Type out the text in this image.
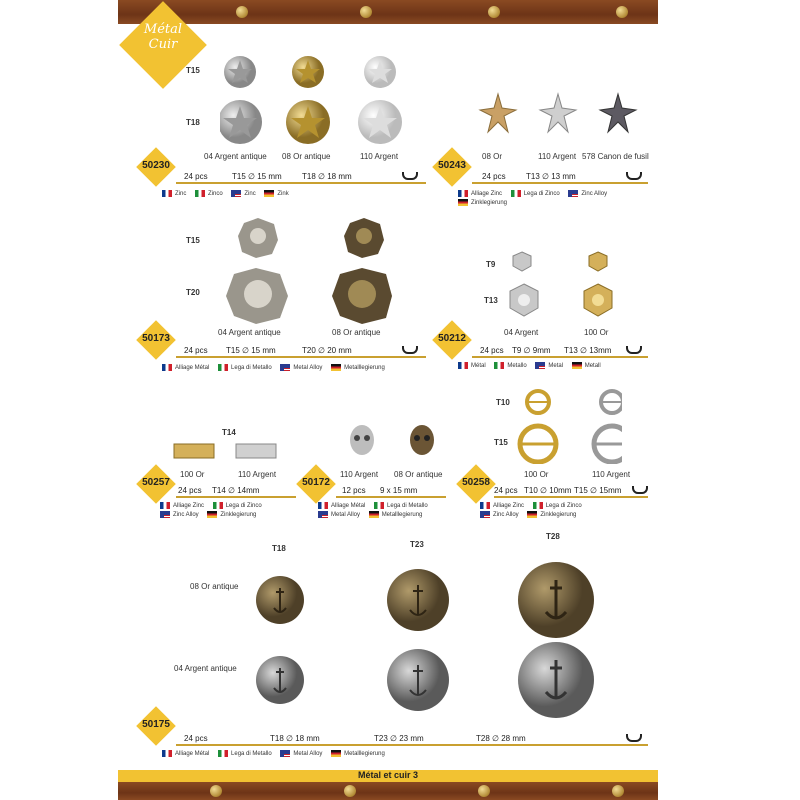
Métal Cuir
T15
T18
04 Argent antique 08 Or antique	110 Argent
50230
24 pcs	T15 ∅ 15 mm	T18 ∅ 18 mm
Zinc
	Zinco
	Zinc
	Zink
08 Or	110 Argent 578 Canon de fusil
50243
24 pcs	T13 ∅ 13 mm
Alliage Zinc
	Lega di Zinco
	Zinc Alloy

Zinklegierung
T15
T20
04 Argent antique	08 Or antique
50173
24 pcs T15 ∅ 15 mm	T20 ∅ 20 mm
Alliage Métal
	Lega di Metallo
	Metal Alloy
	Metalllegierung
T9
T13
04 Argent	100 Or
50212
24 pcs T9 ∅ 9mm T13 ∅ 13mm
Métal
	Metallo
	Metal
	Metall
T14
100 Or	110 Argent
50257
24 pcs T14 ∅ 14mm
Alliage Zinc
	Lega di Zinco

Zinc Alloy
	Zinklegierung
110 Argent 08 Or antique
50172
12 pcs 9 x 15 mm
Alliage Métal
	Lega di Metallo

Metal Alloy
	Metalllegierung
T10
T15
100 Or	110 Argent
50258
24 pcs T10 ∅ 10mm T15 ∅ 15mm
Alliage Zinc
	Lega di Zinco

Zinc Alloy
	Zinklegierung
T18	T23
T28
08 Or antique
04 Argent antique
50175
24 pcs	T18 ∅ 18 mm	T23 ∅ 23 mm	T28 ∅ 28 mm
Alliage Métal
	Lega di Metallo
	Metal Alloy
	Metalllegierung
Métal et cuir 3
